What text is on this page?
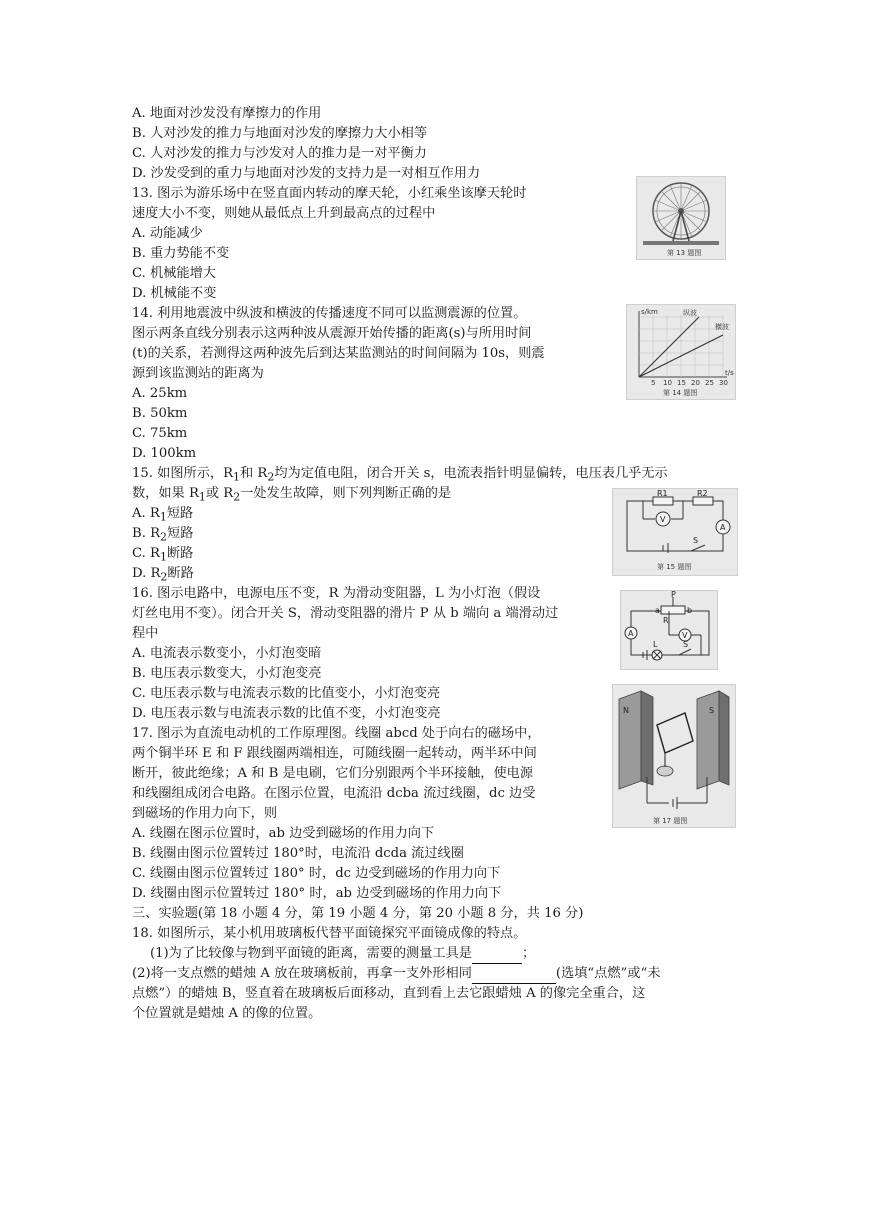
A. 地面对沙发没有摩擦力的作用
B. 人对沙发的推力与地面对沙发的摩擦力大小相等
C. 人对沙发的推力与沙发对人的推力是一对平衡力
D. 沙发受到的重力与地面对沙发的支持力是一对相互作用力
13. 图示为游乐场中在竖直面内转动的摩天轮，小红乘坐该摩天轮时
速度大小不变，则她从最低点上升到最高点的过程中
A. 动能减少
B. 重力势能不变
C. 机械能增大
D. 机械能不变
第 13 题图
14. 利用地震波中纵波和横波的传播速度不同可以监测震源的位置。
图示两条直线分别表示这两种波从震源开始传播的距离(s)与所用时间
(t)的关系，若测得这两种波先后到达某监测站的时间间隔为 10s，则震
源到该监测站的距离为
A. 25km
B. 50km
C. 75km
D. 100km
s/km	纵波
横波
t/s
5 10 15 20 25 30
第 14 题图
15. 如图所示，$R_1$和 $R_2$均为定值电阻，闭合开关 s，电流表指针明显偏转，电压表几乎无示
数，如果 $R_1$或 $R_2$一处发生故障，则下列判断正确的是
A. $R_1$短路
B. $R_2$短路
C. $R_1$断路
D. $R_2$断路
R1	R2
V
A
S
第 15 题图
16. 图示电路中，电源电压不变，R 为滑动变阻器，L 为小灯泡（假设
灯丝电用不变）。闭合开关 S，滑动变阻器的滑片 P 从 b 端向 a 端滑动过
程中
A. 电流表示数变小，小灯泡变暗
B. 电压表示数变大，小灯泡变亮
C. 电压表示数与电流表示数的比值变小，小灯泡变亮
D. 电压表示数与电流表示数的比值不变，小灯泡变亮
P
a	b
R
A	V
L	S
17. 图示为直流电动机的工作原理图。线圈 abcd 处于向右的磁场中，
两个铜半环 E 和 F 跟线圈两端相连，可随线圈一起转动，两半环中间
断开，彼此绝缘；A 和 B 是电刷，它们分别跟两个半环接触，使电源
和线圈组成闭合电路。在图示位置，电流沿 dcba 流过线圈，dc 边受
到磁场的作用力向下，则
A. 线圈在图示位置时，ab 边受到磁场的作用力向下
B. 线圈由图示位置转过 180°时，电流沿 dcda 流过线圈
C. 线圈由图示位置转过 180° 时，dc 边受到磁场的作用力向下
D. 线圈由图示位置转过 180° 时，ab 边受到磁场的作用力向下
N	S
第 17 题图
三、实验题(第 18 小题 4 分，第 19 小题 4 分，第 20 小题 8 分，共 16 分)
18. 如图所示，某小机用玻璃板代替平面镜探究平面镜成像的特点。
(1)为了比较像与物到平面镜的距离，需要的测量工具是	；
(2)将一支点燃的蜡烛 A 放在玻璃板前，再拿一支外形相同	(选填“点燃”或“未
点燃”）的蜡烛 B，竖直着在玻璃板后面移动，直到看上去它跟蜡烛 A 的像完全重合，这
个位置就是蜡烛 A 的像的位置。
